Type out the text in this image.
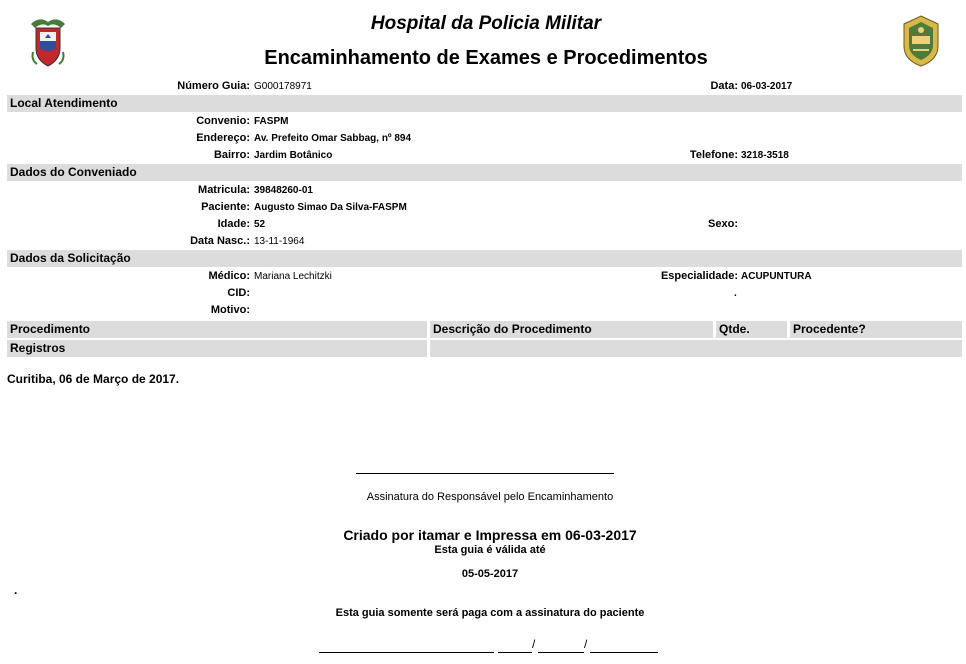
Hospital da Policia Militar
Encaminhamento de Exames e Procedimentos
Número Guia: G000178971	Data: 06-03-2017
Local Atendimento
Convenio: FASPM
Endereço: Av. Prefeito Omar Sabbag, nº 894
Bairro: Jardim Botânico	Telefone: 3218-3518
Dados do Conveniado
Matricula: 39848260-01
Paciente: Augusto Simao Da Silva-FASPM
Idade: 52	Sexo:
Data Nasc.: 13-11-1964
Dados da Solicitação
Médico: Mariana Lechitzki	Especialidade: ACUPUNTURA
CID:	.
Motivo:
Procedimento	Descrição do Procedimento	Qtde.	Procedente?
Registros
Curitiba, 06 de Março de 2017.
Assinatura do Responsável pelo Encaminhamento
Criado por itamar e Impressa em 06-03-2017
Esta guia é válida até
05-05-2017
.
Esta guia somente será paga com a assinatura do paciente
/	/
